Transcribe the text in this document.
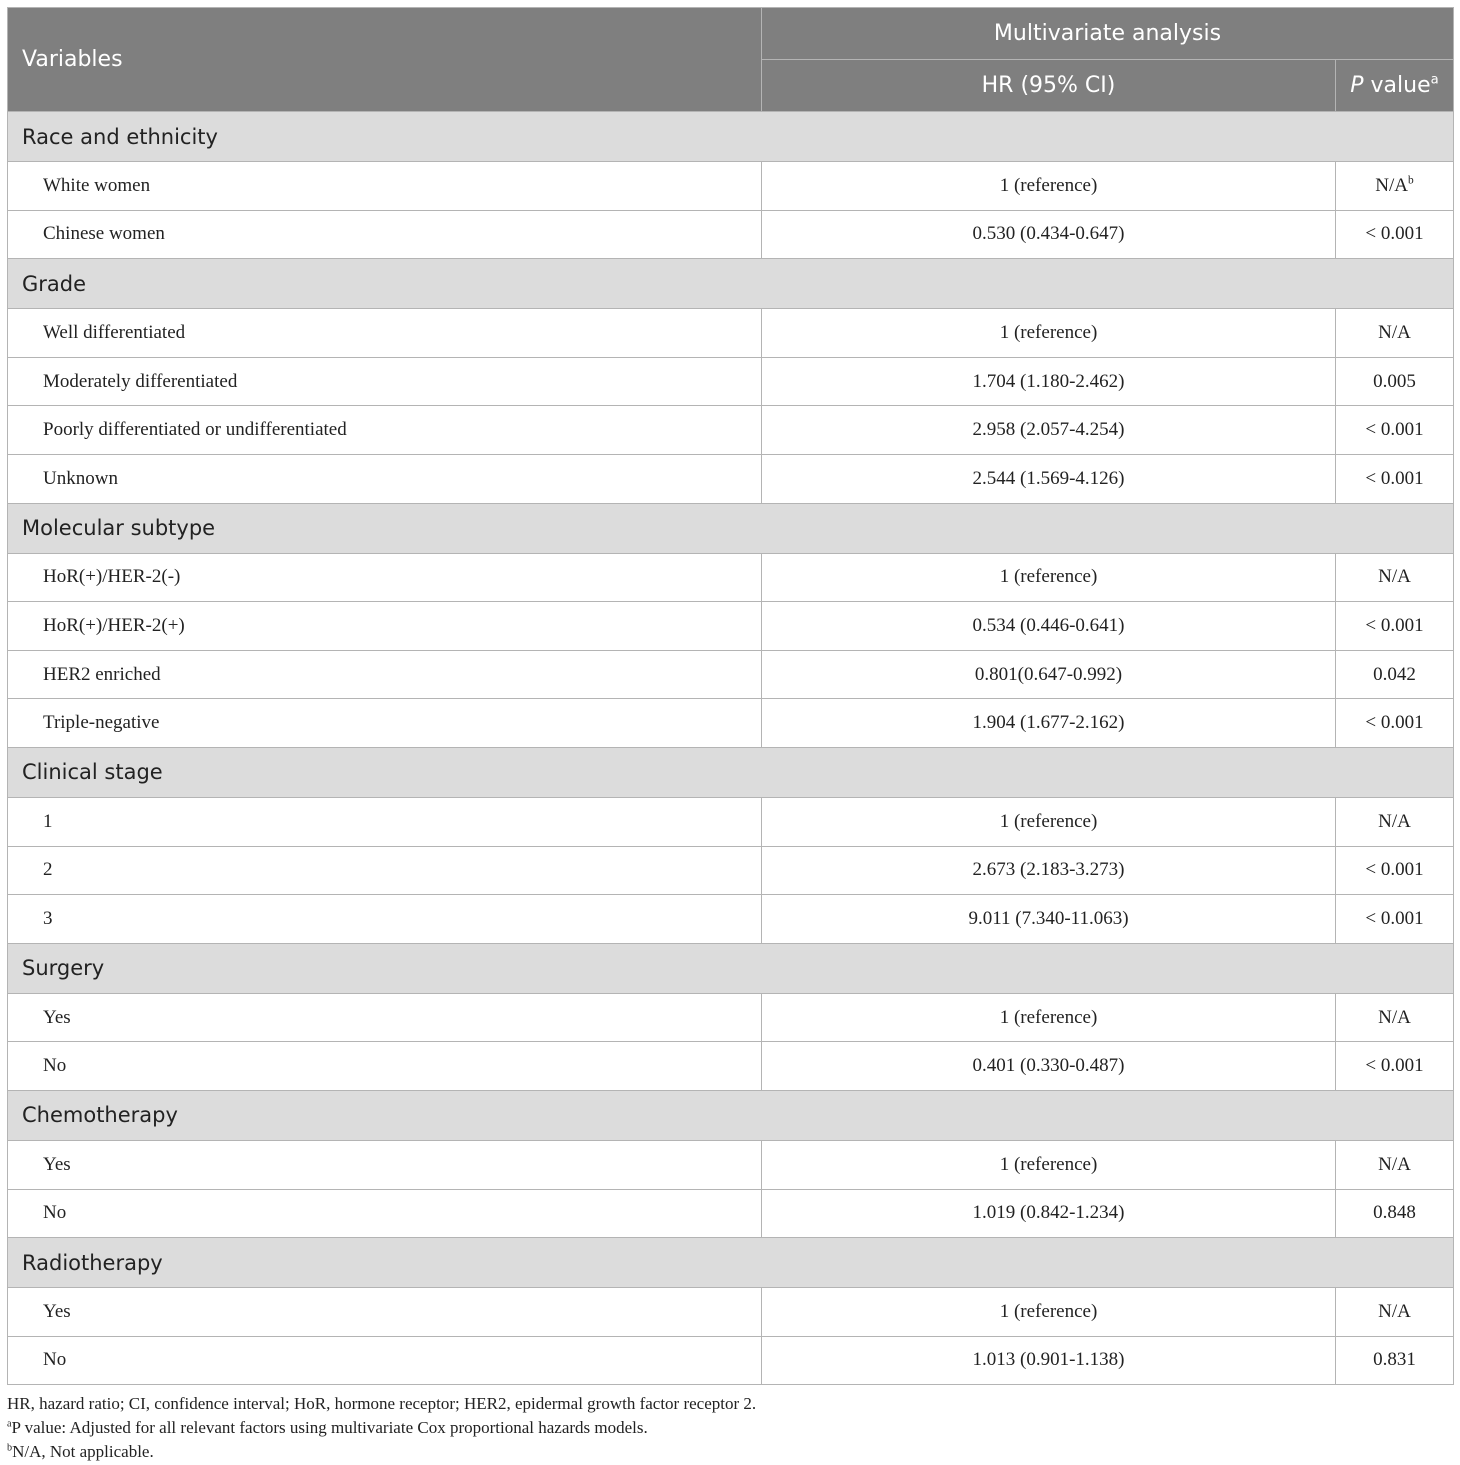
Variables	Multivariate analysis	
	HR (95% CI)	P value$^a$
Race and ethnicity		
White women	1 (reference)	$N/A^b$
Chinese women	0.530 (0.434-0.647)	< 0.001
Grade		
Well differentiated	1 (reference)	N/A
Moderately differentiated	1.704 (1.180-2.462)	0.005
Poorly differentiated or undifferentiated	2.958 (2.057-4.254)	< 0.001
Unknown	2.544 (1.569-4.126)	< 0.001
Molecular subtype		
HoR(+)/HER-2(-)	1 (reference)	N/A
HoR(+)/HER-2(+)	0.534 (0.446-0.641)	< 0.001
HER2 enriched	0.801(0.647-0.992)	0.042
Triple-negative	1.904 (1.677-2.162)	< 0.001
Clinical stage		
1	1 (reference)	N/A
2	2.673 (2.183-3.273)	< 0.001
3	9.011 (7.340-11.063)	< 0.001
Surgery		
Yes	1 (reference)	N/A
No	0.401 (0.330-0.487)	< 0.001
Chemotherapy		
Yes	1 (reference)	N/A
No	1.019 (0.842-1.234)	0.848
Radiotherapy		
Yes	1 (reference)	N/A
No	1.013 (0.901-1.138)	0.831
HR, hazard ratio; CI, confidence interval; HoR, hormone receptor; HER2, epidermal growth factor receptor 2.
$^a$P value: Adjusted for all relevant factors using multivariate Cox proportional hazards models.
$^b$N/A, Not applicable.
